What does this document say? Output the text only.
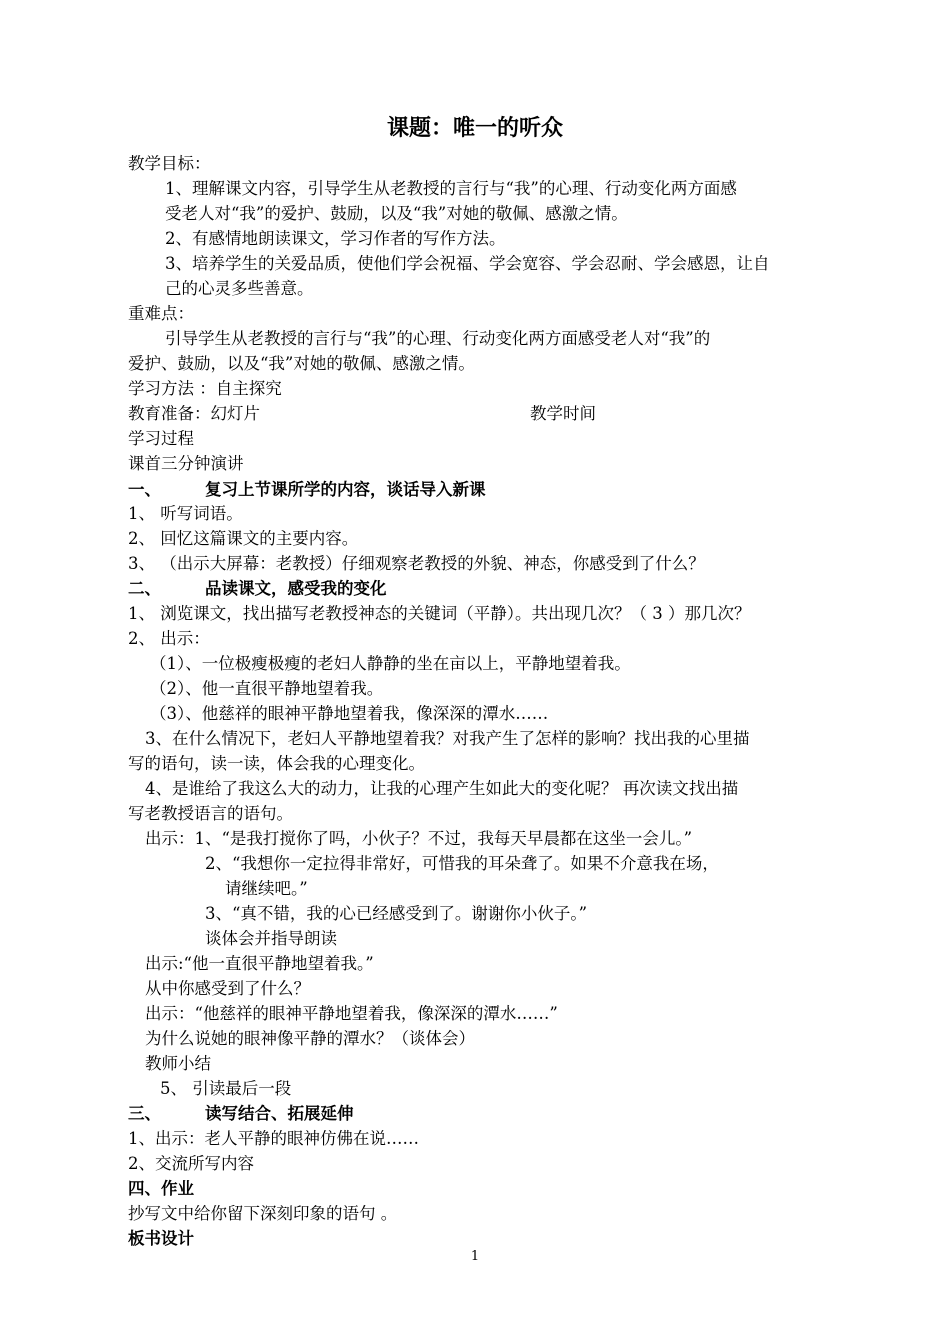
课题：唯一的听众
教学目标：
1、理解课文内容，引导学生从老教授的言行与“我”的心理、行动变化两方面感
受老人对“我”的爱护、鼓励，以及“我”对她的敬佩、感激之情。
2、有感情地朗读课文，学习作者的写作方法。
3、培养学生的关爱品质，使他们学会祝福、学会宽容、学会忍耐、学会感恩，让自
己的心灵多些善意。
重难点：
引导学生从老教授的言行与“我”的心理、行动变化两方面感受老人对“我”的
爱护、鼓励，以及“我”对她的敬佩、感激之情。
学习方法 ：自主探究
教育准备：幻灯片	教学时间
学习过程
课首三分钟演讲
一、	复习上节课所学的内容，谈话导入新课
1、 听写词语。
2、 回忆这篇课文的主要内容。
3、 （出示大屏幕：老教授）仔细观察老教授的外貌、神态，你感受到了什么？
二、	品读课文，感受我的变化
1、 浏览课文，找出描写老教授神态的关键词（平静）。共出现几次？（ 3 ）那几次？
2、 出示：
（1）、一位极瘦极瘦的老妇人静静的坐在亩以上，平静地望着我。
（2）、他一直很平静地望着我。
（3）、他慈祥的眼神平静地望着我，像深深的潭水……
3、在什么情况下，老妇人平静地望着我？对我产生了怎样的影响？找出我的心里描
写的语句，读一读，体会我的心理变化。
4、是谁给了我这么大的动力，让我的心理产生如此大的变化呢？ 再次读文找出描
写老教授语言的语句。
出示：1、“是我打搅你了吗，小伙子？不过，我每天早晨都在这坐一会儿。”
2、“我想你一定拉得非常好，可惜我的耳朵聋了。如果不介意我在场，
请继续吧。”
3、“真不错，我的心已经感受到了。谢谢你小伙子。”
谈体会并指导朗读
出示:“他一直很平静地望着我。”
从中你感受到了什么？
出示：“他慈祥的眼神平静地望着我，像深深的潭水……”
为什么说她的眼神像平静的潭水？（谈体会）
教师小结
5、 引读最后一段
三、	读写结合、拓展延伸
1、出示：老人平静的眼神仿佛在说……
2、交流所写内容
四、作业
抄写文中给你留下深刻印象的语句 。
板书设计
1
